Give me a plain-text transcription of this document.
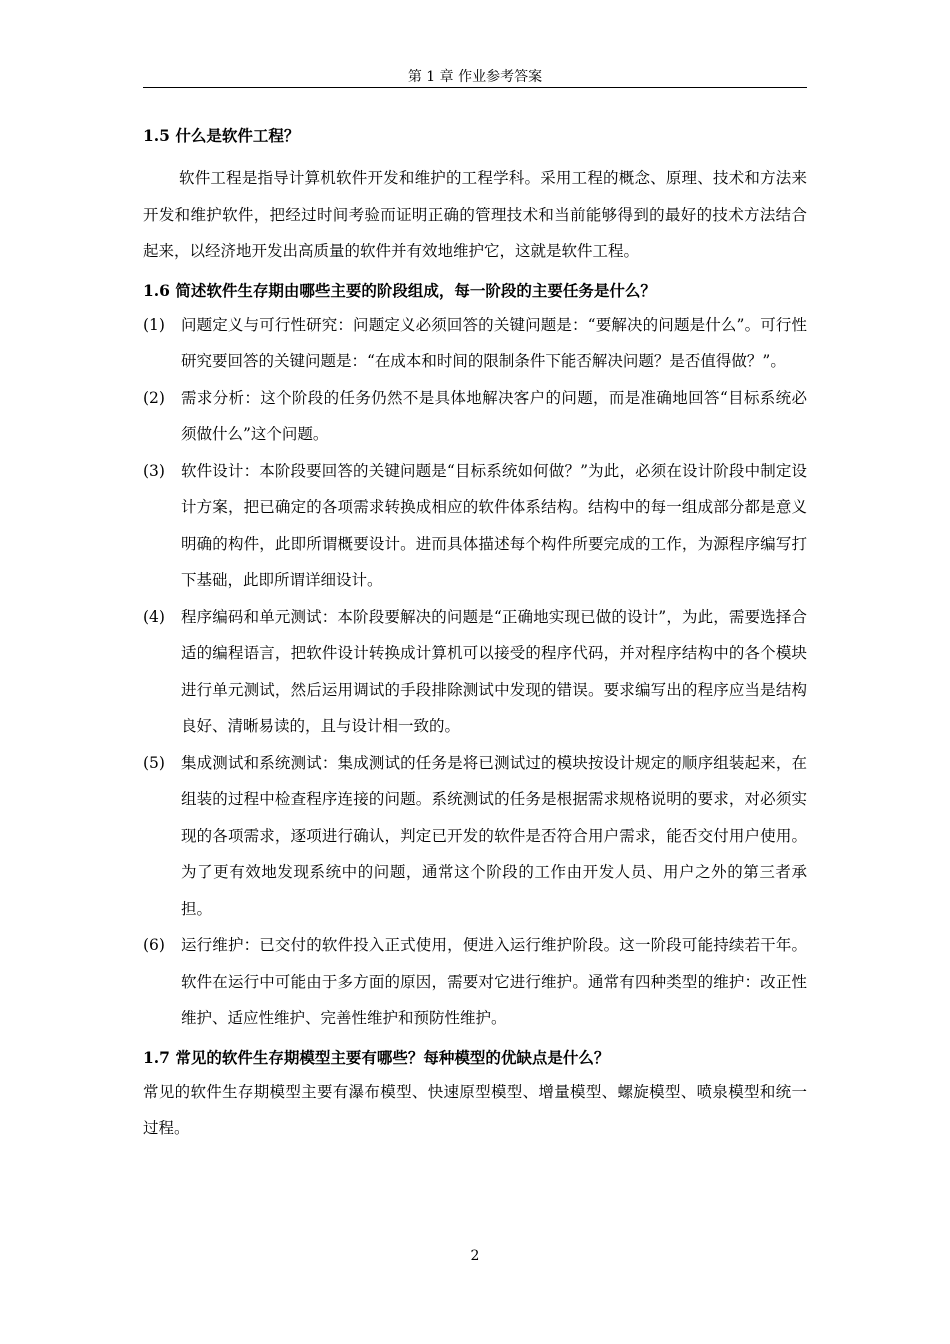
第 1 章 作业参考答案

1.5 什么是软件工程？

软件工程是指导计算机软件开发和维护的工程学科。采用工程的概念、原理、技术和方法来开发和维护软件，把经过时间考验而证明正确的管理技术和当前能够得到的最好的技术方法结合起来，以经济地开发出高质量的软件并有效地维护它，这就是软件工程。

1.6 简述软件生存期由哪些主要的阶段组成，每一阶段的主要任务是什么？

(1)	问题定义与可行性研究：问题定义必须回答的关键问题是：“要解决的问题是什么”。可行性研究要回答的关键问题是：“在成本和时间的限制条件下能否解决问题？是否值得做？”。
(2)	需求分析：这个阶段的任务仍然不是具体地解决客户的问题，而是准确地回答“目标系统必须做什么”这个问题。
(3)	软件设计：本阶段要回答的关键问题是“目标系统如何做？”为此，必须在设计阶段中制定设计方案，把已确定的各项需求转换成相应的软件体系结构。结构中的每一组成部分都是意义明确的构件，此即所谓概要设计。进而具体描述每个构件所要完成的工作，为源程序编写打下基础，此即所谓详细设计。
(4)	程序编码和单元测试：本阶段要解决的问题是“正确地实现已做的设计”，为此，需要选择合适的编程语言，把软件设计转换成计算机可以接受的程序代码，并对程序结构中的各个模块进行单元测试，然后运用调试的手段排除测试中发现的错误。要求编写出的程序应当是结构良好、清晰易读的，且与设计相一致的。
(5)	集成测试和系统测试：集成测试的任务是将已测试过的模块按设计规定的顺序组装起来，在组装的过程中检查程序连接的问题。系统测试的任务是根据需求规格说明的要求，对必须实现的各项需求，逐项进行确认，判定已开发的软件是否符合用户需求，能否交付用户使用。为了更有效地发现系统中的问题，通常这个阶段的工作由开发人员、用户之外的第三者承担。
(6)	运行维护：已交付的软件投入正式使用，便进入运行维护阶段。这一阶段可能持续若干年。软件在运行中可能由于多方面的原因，需要对它进行维护。通常有四种类型的维护：改正性维护、适应性维护、完善性维护和预防性维护。

1.7 常见的软件生存期模型主要有哪些？每种模型的优缺点是什么？

常见的软件生存期模型主要有瀑布模型、快速原型模型、增量模型、螺旋模型、喷泉模型和统一过程。

2
